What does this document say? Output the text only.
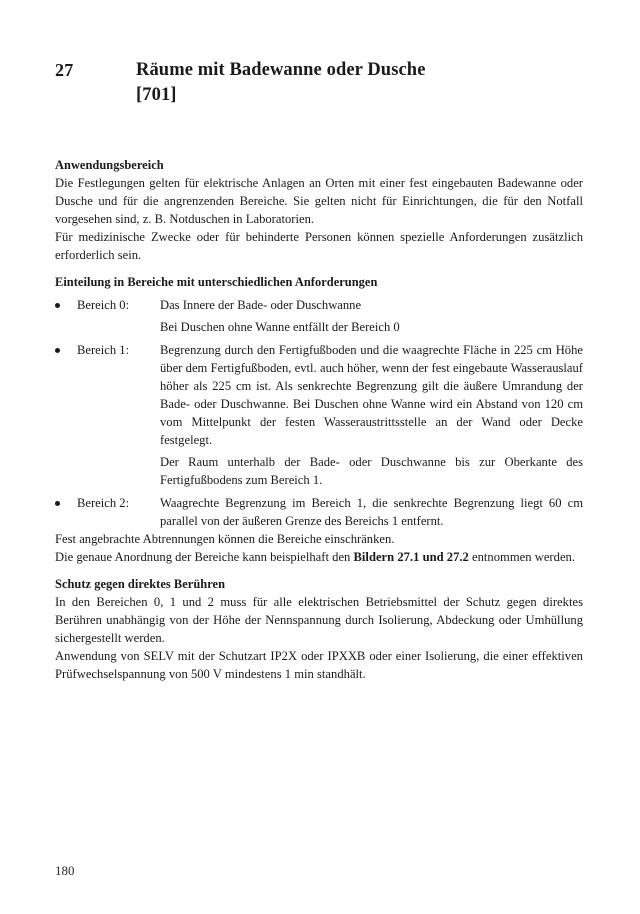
27	Räume mit Badewanne oder Dusche
[701]
Anwendungsbereich

Die Festlegungen gelten für elektrische Anlagen an Orten mit einer fest eingebauten Badewanne oder Dusche und für die angrenzenden Bereiche. Sie gelten nicht für Einrichtungen, die für den Notfall vorgesehen sind, z. B. Notduschen in Laboratorien.

Für medizinische Zwecke oder für behinderte Personen können spezielle Anforderungen zusätzlich erforderlich sein.

Einteilung in Bereiche mit unterschiedlichen Anforderungen
Bereich 0:	Das Innere der Bade- oder Duschwanne

Bei Duschen ohne Wanne entfällt der Bereich 0

Bereich 1:	Begrenzung durch den Fertigfußboden und die waagrechte Fläche in 225 cm Höhe über dem Fertigfußboden, evtl. auch höher, wenn der fest eingebaute Wasserauslauf höher als 225 cm ist. Als senkrechte Begrenzung gilt die äußere Umrandung der Bade- oder Duschwanne. Bei Duschen ohne Wanne wird ein Abstand von 120 cm vom Mittelpunkt der festen Wasseraustrittsstelle an der Wand oder Decke festgelegt.

Der Raum unterhalb der Bade- oder Duschwanne bis zur Oberkante des Fertigfußbodens zum Bereich 1.

Bereich 2:	Waagrechte Begrenzung im Bereich 1, die senkrechte Begrenzung liegt 60 cm parallel von der äußeren Grenze des Bereichs 1 entfernt.

Fest angebrachte Abtrennungen können die Bereiche einschränken.

Die genaue Anordnung der Bereiche kann beispielhaft den Bildern 27.1 und 27.2 entnommen werden.

Schutz gegen direktes Berühren

In den Bereichen 0, 1 und 2 muss für alle elektrischen Betriebsmittel der Schutz gegen direktes Berühren unabhängig von der Höhe der Nennspannung durch Isolierung, Abdeckung oder Umhüllung sichergestellt werden.

Anwendung von SELV mit der Schutzart IP2X oder IPXXB oder einer Isolierung, die einer effektiven Prüfwechselspannung von 500 V mindestens 1 min standhält.

180
